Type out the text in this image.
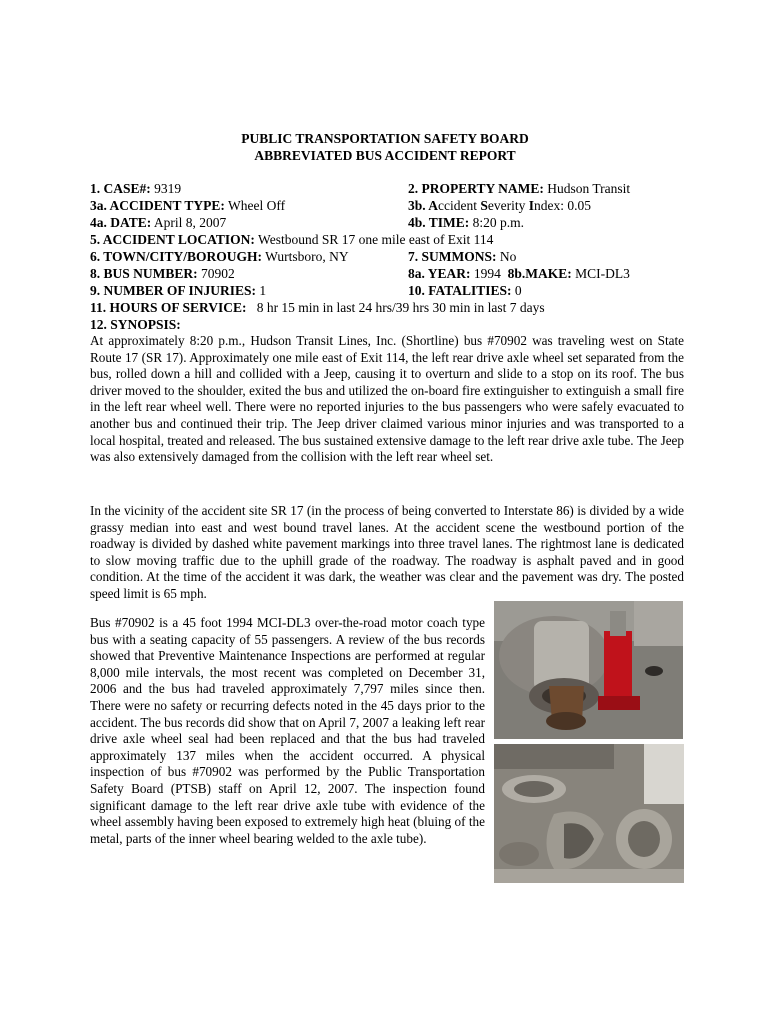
PUBLIC TRANSPORTATION SAFETY BOARD
ABBREVIATED BUS ACCIDENT REPORT
1. CASE#: 9319	2. PROPERTY NAME: Hudson Transit
3a. ACCIDENT TYPE: Wheel Off	3b. Accident Severity Index: 0.05
4a. DATE: April 8, 2007	4b. TIME: 8:20 p.m.
5. ACCIDENT LOCATION: Westbound SR 17 one mile east of Exit 114
6. TOWN/CITY/BOROUGH: Wurtsboro, NY	7. SUMMONS: No
8. BUS NUMBER: 70902	8a. YEAR: 1994 8b.MAKE: MCI-DL3
9. NUMBER OF INJURIES: 1	10. FATALITIES: 0
11. HOURS OF SERVICE: 8 hr 15 min in last 24 hrs/39 hrs 30 min in last 7 days
12. SYNOPSIS:

At approximately 8:20 p.m., Hudson Transit Lines, Inc. (Shortline) bus #70902 was traveling west on State Route 17 (SR 17). Approximately one mile east of Exit 114, the left rear drive axle wheel set separated from the bus, rolled down a hill and collided with a Jeep, causing it to overturn and slide to a stop on its roof. The bus driver moved to the shoulder, exited the bus and utilized the on-board fire extinguisher to extinguish a small fire in the left rear wheel well. There were no reported injuries to the bus passengers who were safely evacuated to another bus and continued their trip. The Jeep driver claimed various minor injuries and was transported to a local hospital, treated and released. The bus sustained extensive damage to the left rear drive axle tube. The Jeep was also extensively damaged from the collision with the left rear wheel set.

In the vicinity of the accident site SR 17 (in the process of being converted to Interstate 86) is divided by a wide grassy median into east and west bound travel lanes. At the accident scene the westbound portion of the roadway is divided by dashed white pavement markings into three travel lanes. The rightmost lane is dedicated to slow moving traffic due to the uphill grade of the roadway. The roadway is asphalt paved and in good condition. At the time of the accident it was dark, the weather was clear and the pavement was dry. The posted speed limit is 65 mph.

Bus #70902 is a 45 foot 1994 MCI-DL3 over-the-road motor coach type bus with a seating capacity of 55 passengers. A review of the bus records showed that Preventive Maintenance Inspections are performed at regular 8,000 mile intervals, the most recent was completed on December 31, 2006 and the bus had traveled approximately 7,797 miles since then. There were no safety or recurring defects noted in the 45 days prior to the accident. The bus records did show that on April 7, 2007 a leaking left rear drive axle wheel seal had been replaced and that the bus had traveled approximately 137 miles when the accident occurred. A physical inspection of bus #70902 was performed by the Public Transportation Safety Board (PTSB) staff on April 12, 2007. The inspection found significant damage to the left rear drive axle tube with evidence of the wheel assembly having been exposed to extremely high heat (bluing of the metal, parts of the inner wheel bearing welded to the axle tube).
